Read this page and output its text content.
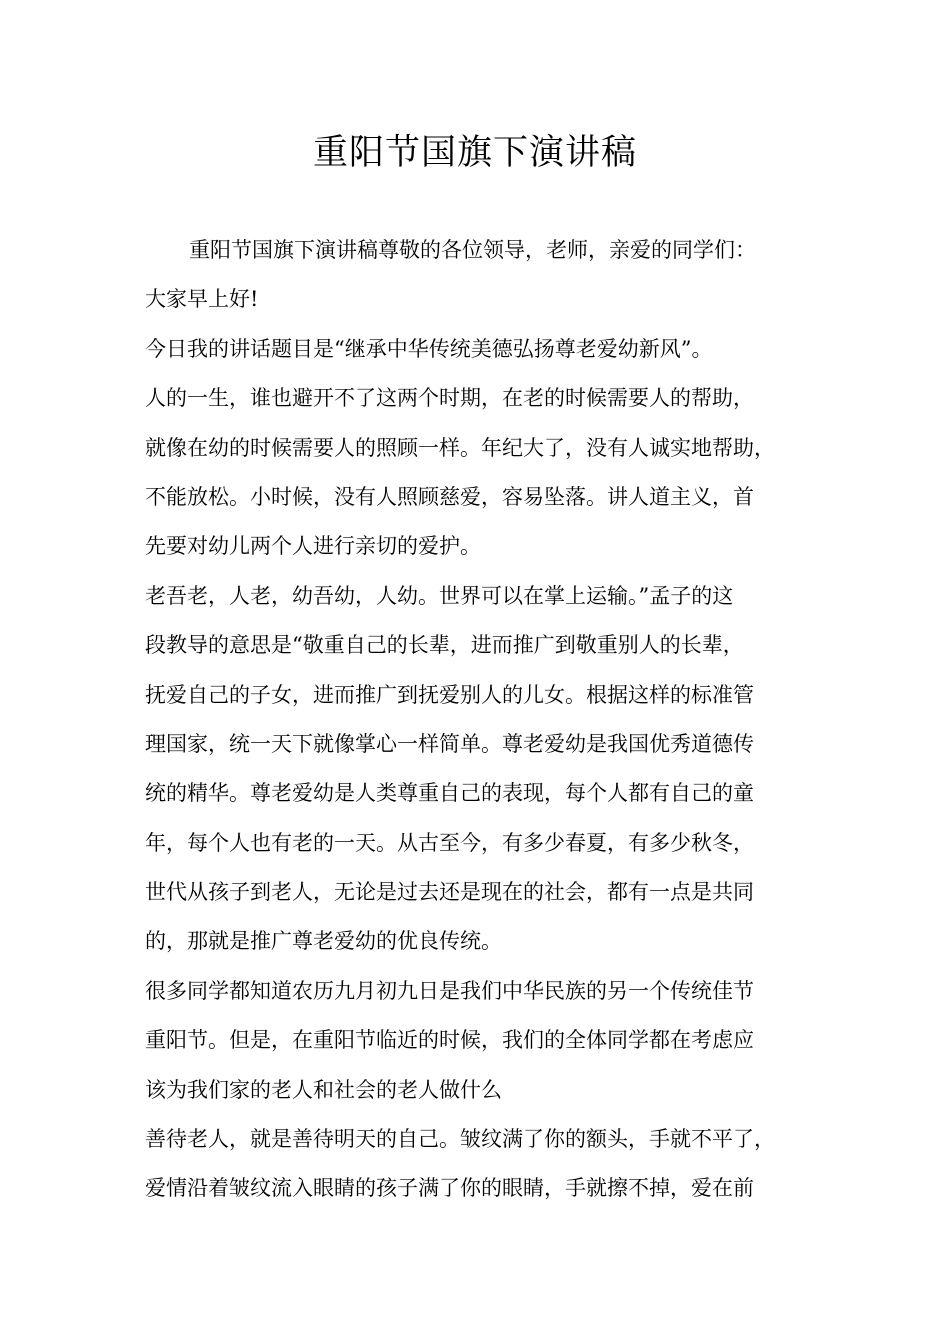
重阳节国旗下演讲稿
重阳节国旗下演讲稿尊敬的各位领导，老师，亲爱的同学们：
大家早上好!
今日我的讲话题目是“继承中华传统美德弘扬尊老爱幼新风”。
人的一生，谁也避开不了这两个时期，在老的时候需要人的帮助，
就像在幼的时候需要人的照顾一样。年纪大了，没有人诚实地帮助，
不能放松。小时候，没有人照顾慈爱，容易坠落。讲人道主义，首
先要对幼儿两个人进行亲切的爱护。
老吾老，人老，幼吾幼，人幼。世界可以在掌上运输。”孟子的这
段教导的意思是“敬重自己的长辈，进而推广到敬重别人的长辈，
抚爱自己的子女，进而推广到抚爱别人的儿女。根据这样的标准管
理国家，统一天下就像掌心一样简单。尊老爱幼是我国优秀道德传
统的精华。尊老爱幼是人类尊重自己的表现，每个人都有自己的童
年，每个人也有老的一天。从古至今，有多少春夏，有多少秋冬，
世代从孩子到老人，无论是过去还是现在的社会，都有一点是共同
的，那就是推广尊老爱幼的优良传统。
很多同学都知道农历九月初九日是我们中华民族的另一个传统佳节
重阳节。但是，在重阳节临近的时候，我们的全体同学都在考虑应
该为我们家的老人和社会的老人做什么
善待老人，就是善待明天的自己。皱纹满了你的额头，手就不平了，
爱情沿着皱纹流入眼睛的孩子满了你的眼睛，手就擦不掉，爱在前
